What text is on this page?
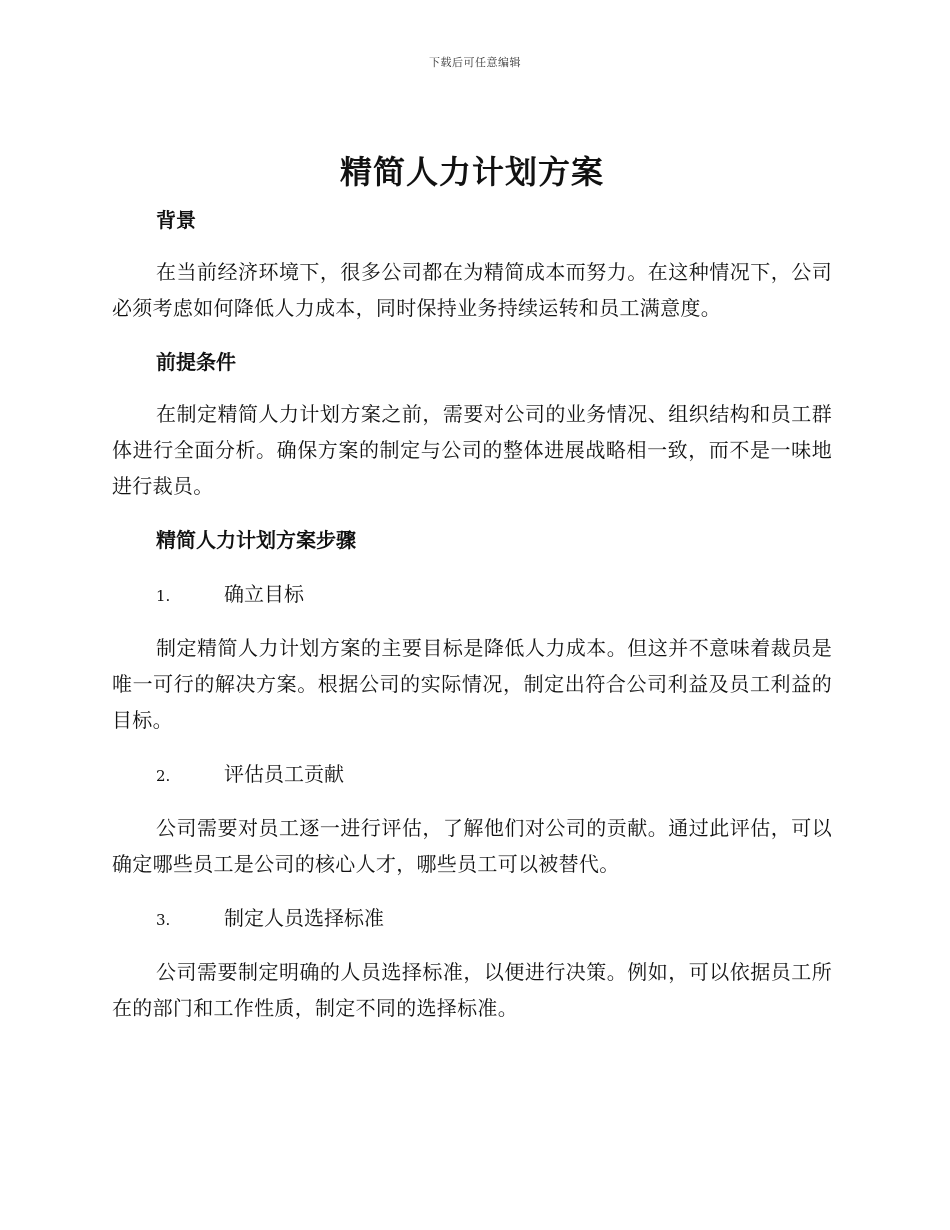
下载后可任意编辑
精简人力计划方案
背景

在当前经济环境下，很多公司都在为精简成本而努力。在这种情况下，公司必须考虑如何降低人力成本，同时保持业务持续运转和员工满意度。

前提条件

在制定精简人力计划方案之前，需要对公司的业务情况、组织结构和员工群体进行全面分析。确保方案的制定与公司的整体进展战略相一致，而不是一味地进行裁员。

精简人力计划方案步骤
1.	确立目标

制定精简人力计划方案的主要目标是降低人力成本。但这并不意味着裁员是唯一可行的解决方案。根据公司的实际情况，制定出符合公司利益及员工利益的目标。

2.	评估员工贡献

公司需要对员工逐一进行评估，了解他们对公司的贡献。通过此评估，可以确定哪些员工是公司的核心人才，哪些员工可以被替代。

3.	制定人员选择标准

公司需要制定明确的人员选择标准，以便进行决策。例如，可以依据员工所在的部门和工作性质，制定不同的选择标准。
